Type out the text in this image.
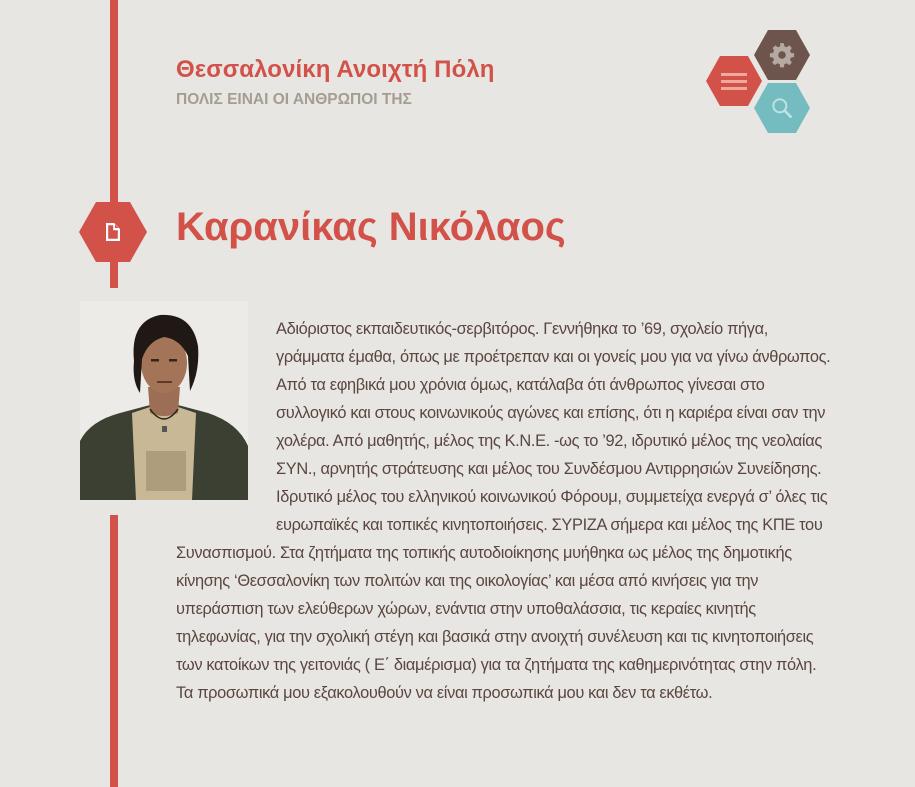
Θεσσαλονίκη Ανοιχτή Πόλη
ΠΟΛΙΣ ΕΙΝΑΙ ΟΙ ΑΝΘΡΩΠΟΙ ΤΗΣ
Καρανίκας Νικόλαος

Αδιόριστος εκπαιδευτικός-σερβιτόρος. Γεννήθηκα το ’69, σχολείο πήγα, γράμματα έμαθα, όπως με προέτρεπαν και οι γονείς μου για να γίνω άνθρωπος. Από τα εφηβικά μου χρόνια όμως, κατάλαβα ότι άνθρωπος γίνεσαι στο συλλογικό και στους κοινωνικούς αγώνες και επίσης, ότι η καριέρα είναι σαν την χολέρα. Από μαθητής, μέλος της Κ.Ν.Ε. -ως το ’92, ιδρυτικό μέλος της νεολαίας ΣΥΝ., αρνητής στράτευσης και μέλος του Συνδέσμου Αντιρρησιών Συνείδησης. Ιδρυτικό μέλος του ελληνικού κοινωνικού Φόρουμ, συμμετείχα ενεργά σ’ όλες τις ευρωπαϊκές και τοπικές κινητοποιήσεις. ΣΥΡΙΖΑ σήμερα και μέλος της ΚΠΕ του Συνασπισμού. Στα ζητήματα της τοπικής αυτοδιοίκησης μυήθηκα ως μέλος της δημοτικής κίνησης ‘Θεσσαλονίκη των πολιτών και της οικολογίας’ και μέσα από κινήσεις για την υπεράσπιση των ελεύθερων χώρων, ενάντια στην υποθαλάσσια, τις κεραίες κινητής τηλεφωνίας, για την σχολική στέγη και βασικά στην ανοιχτή συνέλευση και τις κινητοποιήσεις των κατοίκων της γειτονιάς ( Ε΄ διαμέρισμα) για τα ζητήματα της καθημερινότητας στην πόλη. Τα προσωπικά μου εξακολουθούν να είναι προσωπικά μου και δεν τα εκθέτω.
